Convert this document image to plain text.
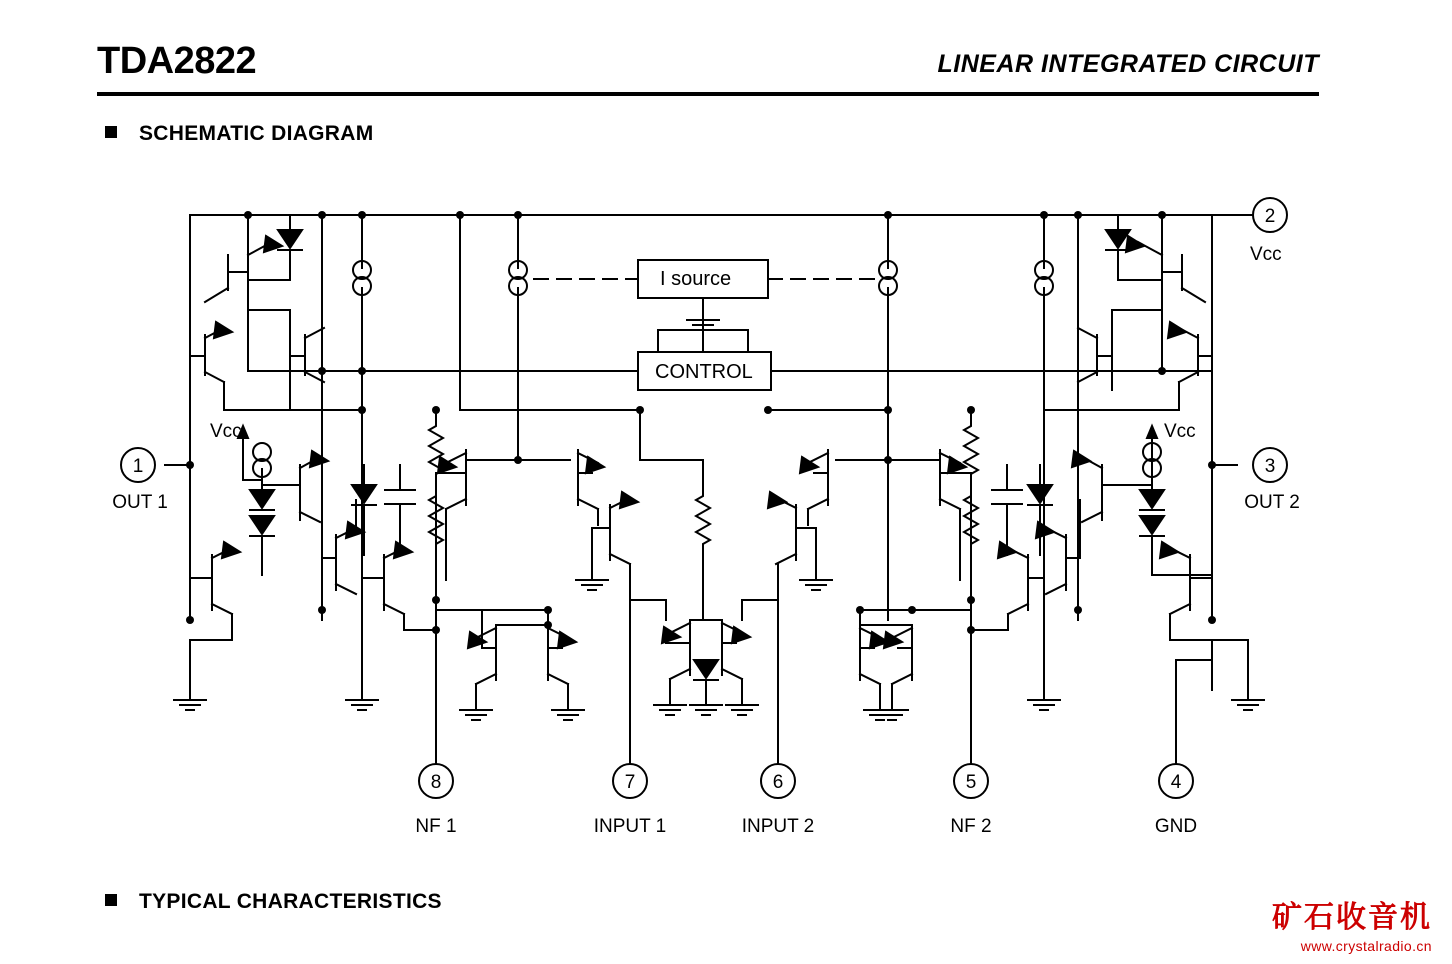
TDA2822	LINEAR INTEGRATED CIRCUIT
SCHEMATIC DIAGRAM
I source
CONTROL
Vcc	Vcc
Vcc
1
2
3
4
5
6
7
8
OUT 1	OUT 2
GND
NF 2
INPUT 2
INPUT 1
NF 1
TYPICAL CHARACTERISTICS	矿石收音机
www.crystalradio.cn
